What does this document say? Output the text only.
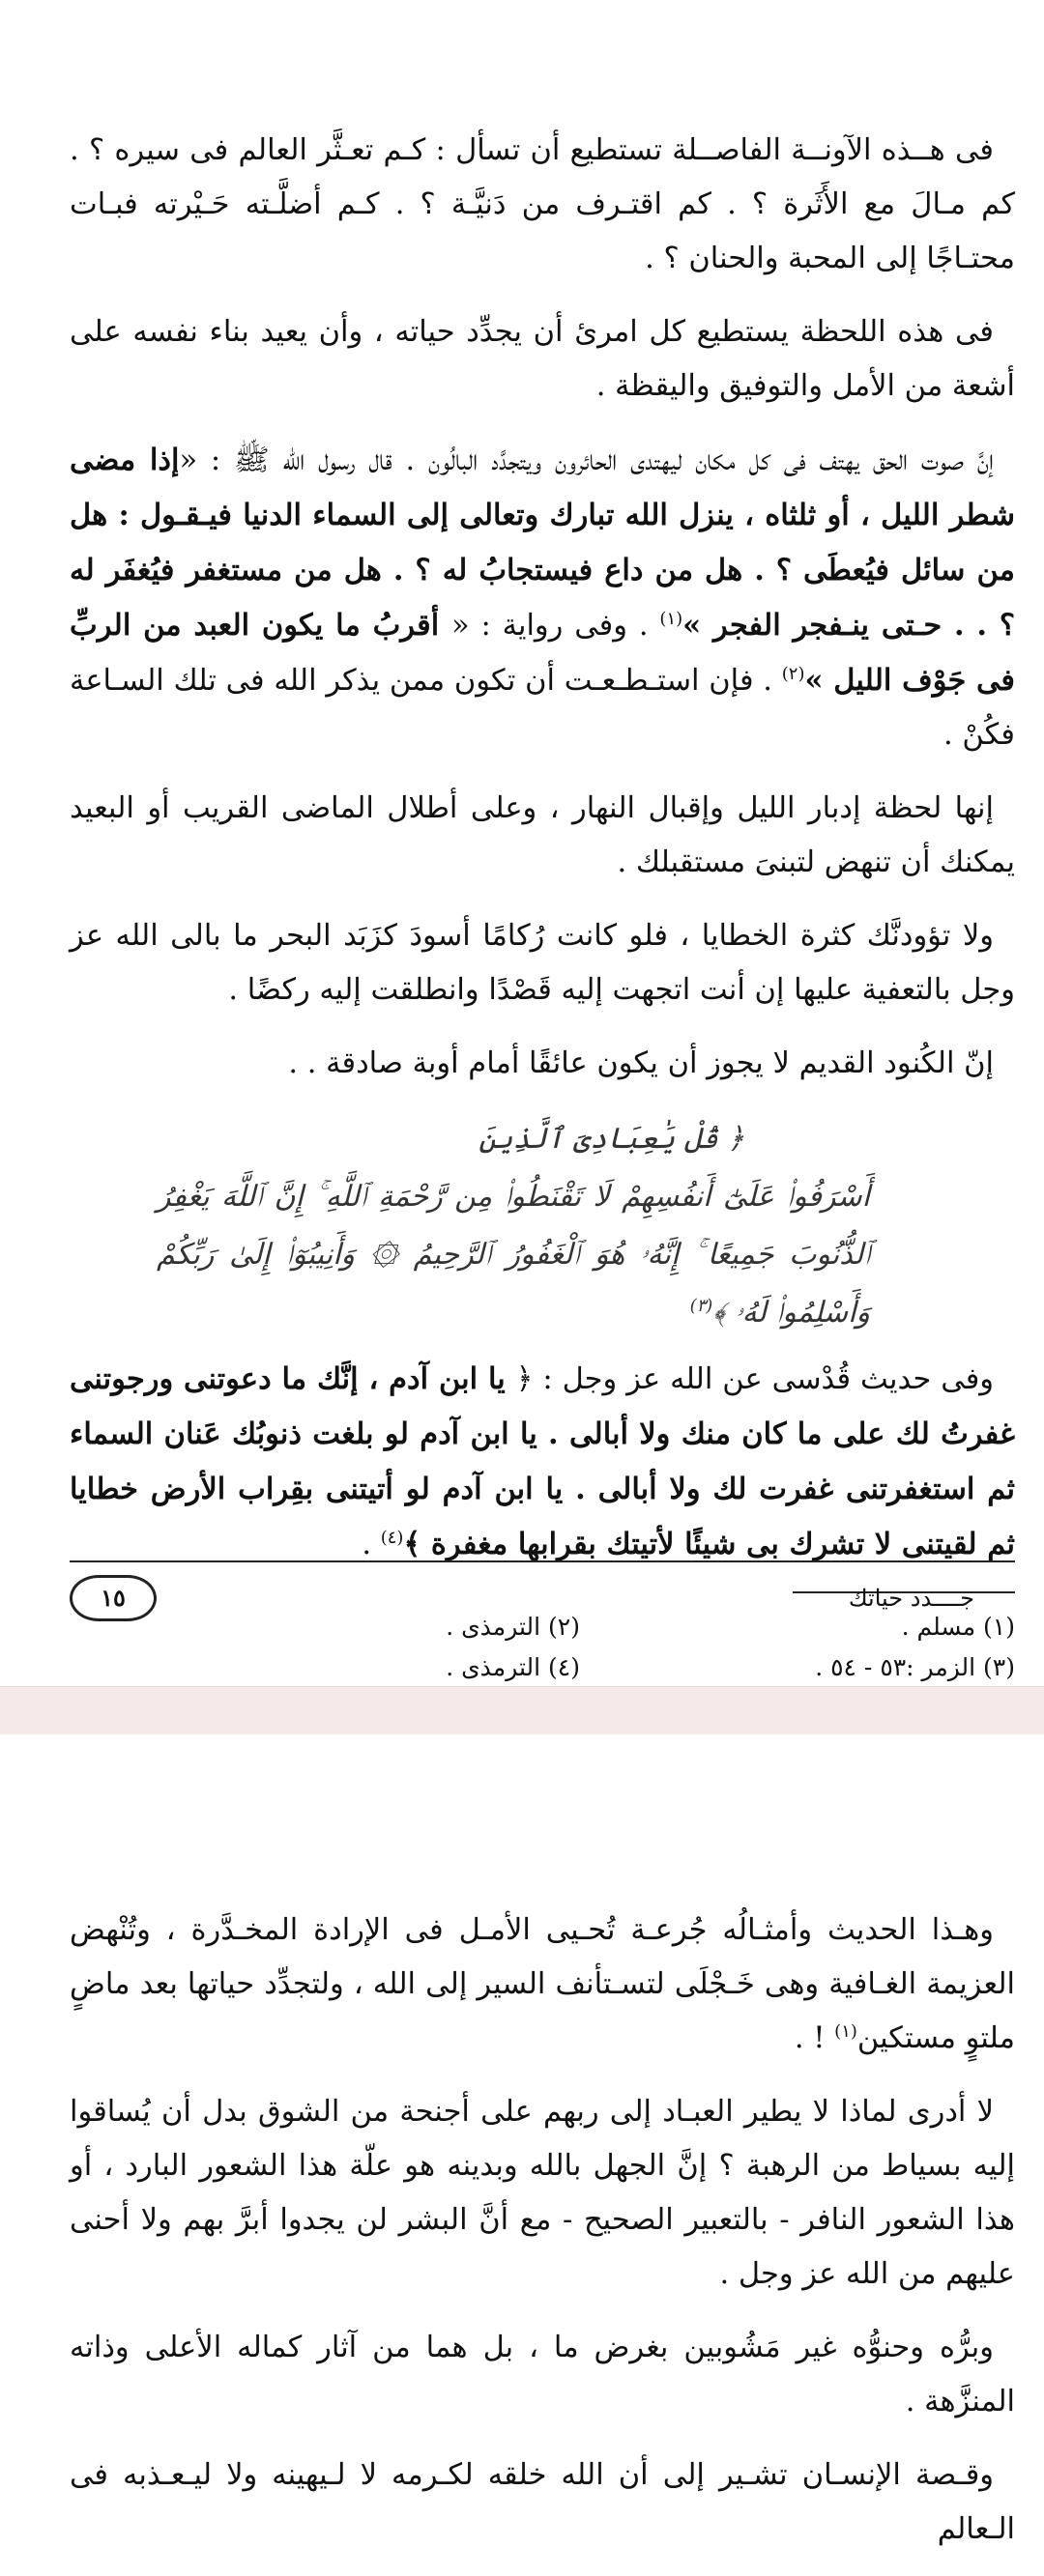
فى هــذه الآونــة الفاصــلة تستطيع أن تسأل : كـم تعـثَّر العالم فى سيره ؟ . كم مـالَ مع الأَثَرة ؟ . كم اقتـرف من دَنيَّـة ؟ . كـم أضلَّـته حَـيْرته فبـات محتـاجًا إلى المحبة والحنان ؟ .

فى هذه اللحظة يستطيع كل امرئ أن يجدِّد حياته ، وأن يعيد بناء نفسه على أشعة من الأمل والتوفيق واليقظة .

إنَّ صوت الحق يهتف فى كل مكان ليهتدى الحائرون ويتجدَّد البالُون . قال رسول الله ﷺ : «إذا مضى شطر الليل ، أو ثلثاه ، ينزل الله تبارك وتعالى إلى السماء الدنيا فيـقـول : هل من سائل فيُعطَى ؟ . هل من داع فيستجابُ له ؟ . هل من مستغفر فيُغفَر له ؟ . . حـتى ينـفجر الفجر »$^{(١)}$ . وفى رواية : « أقربُ ما يكون العبد من الربِّ فى جَوْف الليل »$^{(٢)}$ . فإن استـطـعـت أن تكون ممن يذكر الله فى تلك السـاعة فكُنْ .

إنها لحظة إدبار الليل وإقبال النهار ، وعلى أطلال الماضى القريب أو البعيد يمكنك أن تنهض لتبنىَ مستقبلك .

ولا تؤودنَّك كثرة الخطايا ، فلو كانت رُكامًا أسودَ كزَبَد البحر ما بالى الله عز وجل بالتعفية عليها إن أنت اتجهت إليه قَصْدًا وانطلقت إليه ركضًا .

إنّ الكُنود القديم لا يجوز أن يكون عائقًا أمام أوبة صادقة . .

﴿ قُلْ يَٰعِبَادِىَ ٱلَّذِينَ
أَسْرَفُوا۟ عَلَىٰٓ أَنفُسِهِمْ لَا تَقْنَطُوا۟ مِن رَّحْمَةِ ٱللَّهِ ۚ إِنَّ ٱللَّهَ يَغْفِرُ ٱلذُّنُوبَ جَمِيعًا ۚ إِنَّهُۥ هُوَ ٱلْغَفُورُ ٱلرَّحِيمُ ۞ وَأَنِيبُوٓا۟ إِلَىٰ رَبِّكُمْ وَأَسْلِمُوا۟ لَهُۥ ﴾$^{(٣)}$

وفى حديث قُدْسى عن الله عز وجل : ﴿ يا ابن آدم ، إنَّك ما دعوتنى ورجوتنى غفرتُ لك على ما كان منك ولا أبالى . يا ابن آدم لو بلغت ذنوبُك عَنان السماء ثم استغفرتنى غفرت لك ولا أبالى . يا ابن آدم لو أتيتنى بقِراب الأرض خطايا ثم لقيتنى لا تشرك بى شيئًا لأتيتك بقرابها مغفرة ﴾$^{(٤)}$ .

(١) مسلم .
(٢) الترمذى .
(٣) الزمر :٥٣ - ٥٤ .
(٤) الترمذى .
جــــدد حياتك
١٥

وهـذا الحديث وأمثـالُه جُرعـة تُحـيى الأمـل فى الإرادة المخـدَّرة ، وتُنْهض العزيمة الغـافية وهى خَـجْلَى لتسـتأنف السير إلى الله ، ولتجدِّد حياتها بعد ماضٍ ملتوٍ مستكين$^{(١)}$ ! .

لا أدرى لماذا لا يطير العبـاد إلى ربهم على أجنحة من الشوق بدل أن يُساقوا إليه بسياط من الرهبة ؟ إنَّ الجهل بالله وبدينه هو علّة هذا الشعور البارد ، أو هذا الشعور النافر - بالتعبير الصحيح - مع أنَّ البشر لن يجدوا أبرَّ بهم ولا أحنى عليهم من الله عز وجل .

وبرُّه وحنوُّه غير مَشُوبين بغرض ما ، بل هما من آثار كماله الأعلى وذاته المنزَّهة .

وقـصة الإنسـان تشـير إلى أن الله خلقه لكـرمه لا لـيهينه ولا ليـعـذبه فى الـعالم
